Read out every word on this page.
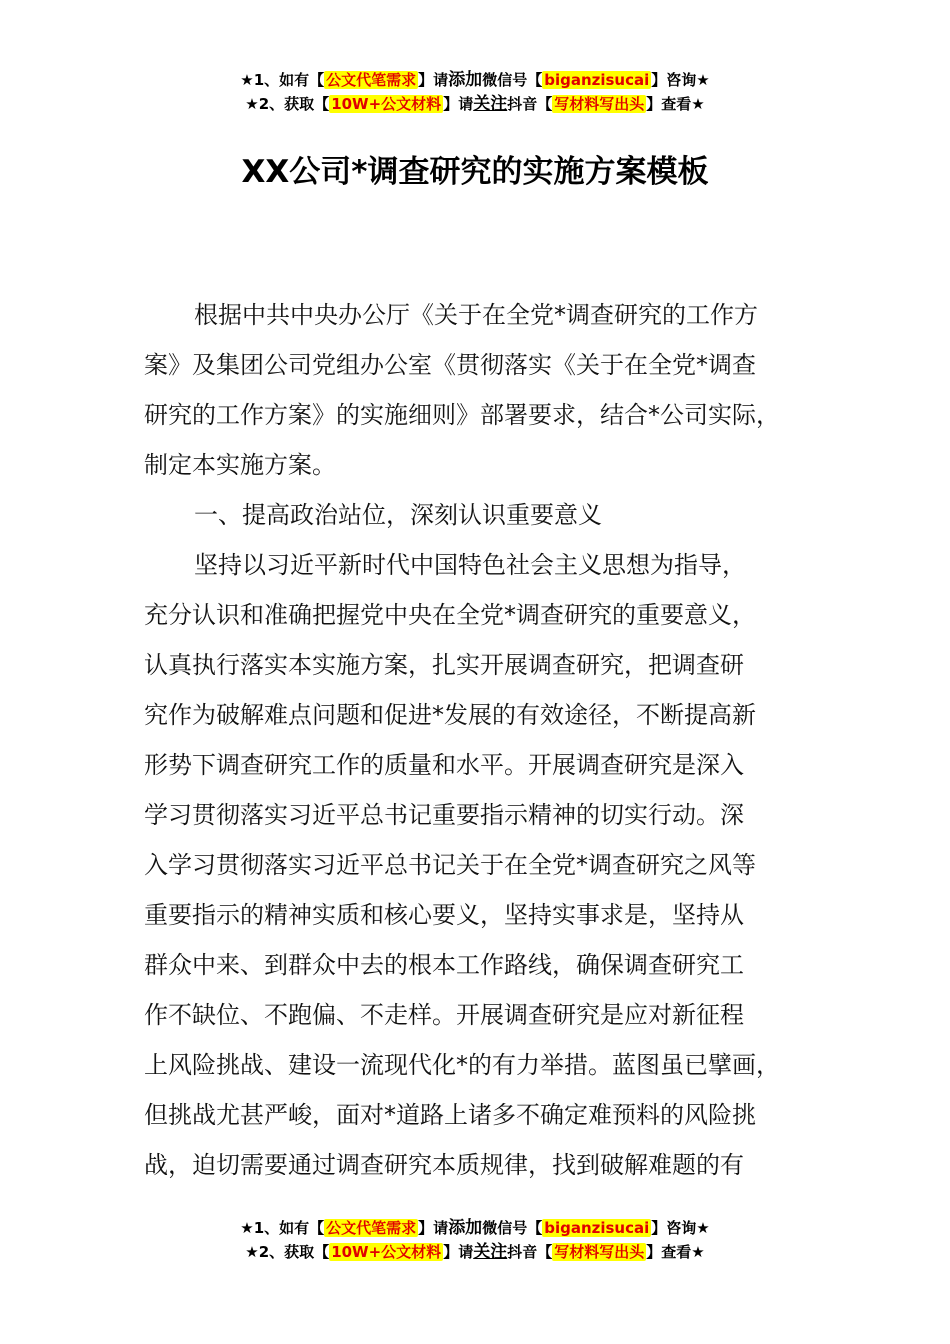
★1、如有【 公文代笔需求 】请添加微信号【 biganzisucai 】咨询★
★2、获取【 10W+公文材料 】请关注抖音【 写材料写出头 】查看★
XX公司*调查研究的实施方案模板
根据中共中央办公厅《关于在全党*调查研究的工作方
案》及集团公司党组办公室《贯彻落实《关于在全党*调查
研究的工作方案》的实施细则》部署要求，结合*公司实际，
制定本实施方案。
一、提高政治站位，深刻认识重要意义
坚持以习近平新时代中国特色社会主义思想为指导，
充分认识和准确把握党中央在全党*调查研究的重要意义，
认真执行落实本实施方案，扎实开展调查研究，把调查研
究作为破解难点问题和促进*发展的有效途径，不断提高新
形势下调查研究工作的质量和水平。开展调查研究是深入
学习贯彻落实习近平总书记重要指示精神的切实行动。深
入学习贯彻落实习近平总书记关于在全党*调查研究之风等
重要指示的精神实质和核心要义，坚持实事求是，坚持从
群众中来、到群众中去的根本工作路线，确保调查研究工
作不缺位、不跑偏、不走样。开展调查研究是应对新征程
上风险挑战、建设一流现代化*的有力举措。蓝图虽已擘画，
但挑战尤甚严峻，面对*道路上诸多不确定难预料的风险挑
战，迫切需要通过调查研究本质规律，找到破解难题的有
★1、如有【 公文代笔需求 】请添加微信号【 biganzisucai 】咨询★
★2、获取【 10W+公文材料 】请关注抖音【 写材料写出头 】查看★
